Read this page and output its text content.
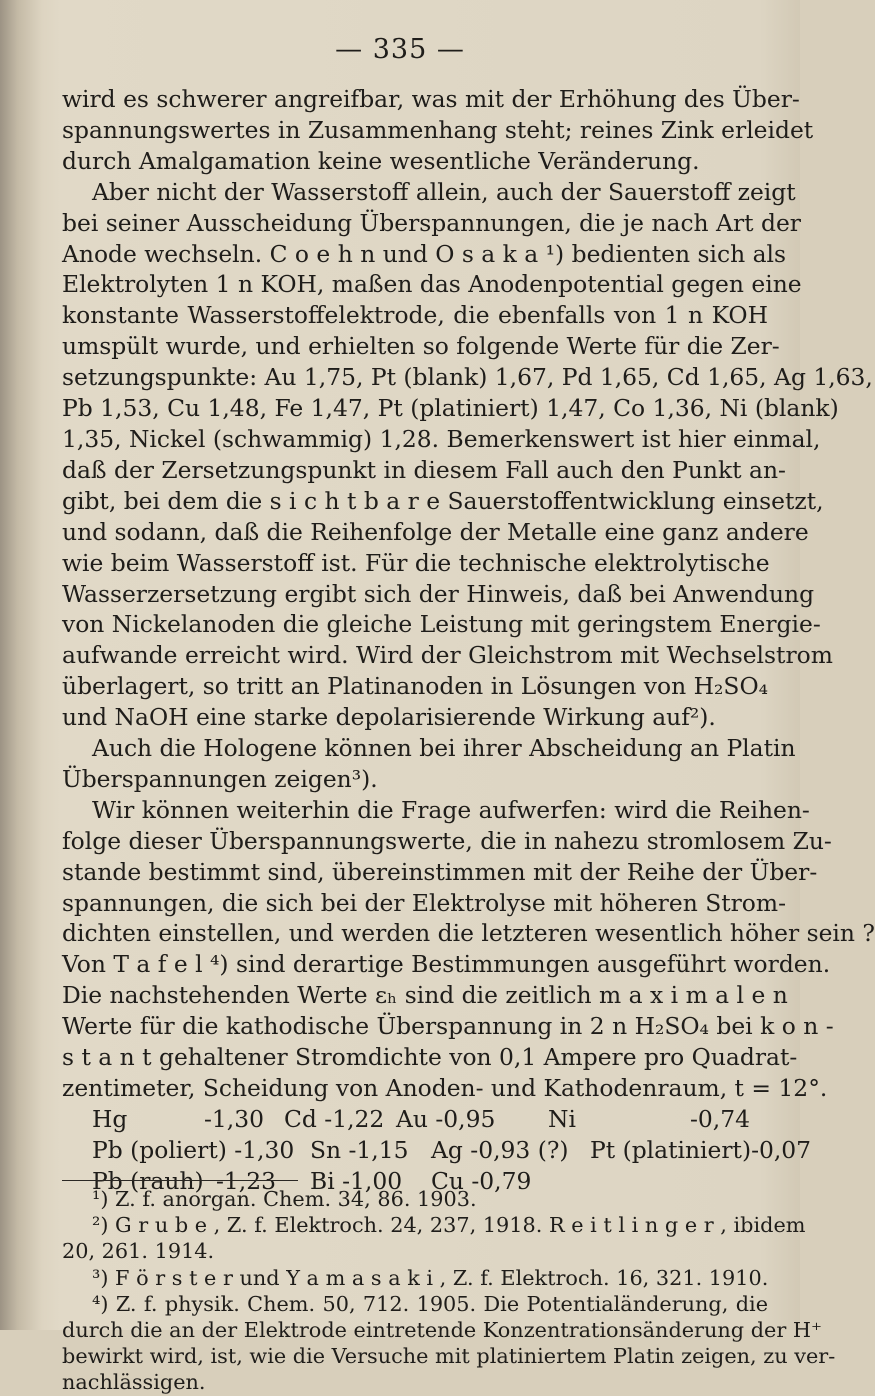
— 335 —
wird es schwerer angreifbar, was mit der Erhöhung des Über-
spannungswertes in Zusammenhang steht; reines Zink erleidet
durch Amalgamation keine wesentliche Veränderung.
Aber nicht der Wasserstoff allein, auch der Sauerstoff zeigt
bei seiner Ausscheidung Überspannungen, die je nach Art der
Anode wechseln. C o e h n und O s a k a ¹) bedienten sich als
Elektrolyten 1 n KOH, maßen das Anodenpotential gegen eine
konstante Wasserstoffelektrode, die ebenfalls von 1 n KOH
umspült wurde, und erhielten so folgende Werte für die Zer-
setzungspunkte: Au 1,75, Pt (blank) 1,67, Pd 1,65, Cd 1,65, Ag 1,63,
Pb 1,53, Cu 1,48, Fe 1,47, Pt (platiniert) 1,47, Co 1,36, Ni (blank)
1,35, Nickel (schwammig) 1,28. Bemerkenswert ist hier einmal,
daß der Zersetzungspunkt in diesem Fall auch den Punkt an-
gibt, bei dem die s i c h t b a r e Sauerstoffentwicklung einsetzt,
und sodann, daß die Reihenfolge der Metalle eine ganz andere
wie beim Wasserstoff ist. Für die technische elektrolytische
Wasserzersetzung ergibt sich der Hinweis, daß bei Anwendung
von Nickelanoden die gleiche Leistung mit geringstem Energie-
aufwande erreicht wird. Wird der Gleichstrom mit Wechselstrom
überlagert, so tritt an Platinanoden in Lösungen von H₂SO₄
und NaOH eine starke depolarisierende Wirkung auf²).
Auch die Hologene können bei ihrer Abscheidung an Platin
Überspannungen zeigen³).
Wir können weiterhin die Frage aufwerfen: wird die Reihen-
folge dieser Überspannungswerte, die in nahezu stromlosem Zu-
stande bestimmt sind, übereinstimmen mit der Reihe der Über-
spannungen, die sich bei der Elektrolyse mit höheren Strom-
dichten einstellen, und werden die letzteren wesentlich höher sein ?
Von T a f e l ⁴) sind derartige Bestimmungen ausgeführt worden.
Die nachstehenden Werte εₕ sind die zeitlich m a x i m a l e n
Werte für die kathodische Überspannung in 2 n H₂SO₄ bei k o n -
s t a n t gehaltener Stromdichte von 0,1 Ampere pro Quadrat-
zentimeter, Scheidung von Anoden- und Kathodenraum, t = 12°.
Hg	-1,30 Cd -1,22 Au -0,95 Ni	-0,74
Pb (poliert) -1,30 Sn -1,15 Ag -0,93 (?) Pt (platiniert)-0,07
Pb (rauh) -1,23 Bi -1,00 Cu -0,79
¹) Z. f. anorgan. Chem. 34, 86. 1903.
²) G r u b e , Z. f. Elektroch. 24, 237, 1918. R e i t l i n g e r , ibidem
20, 261. 1914.
³) F ö r s t e r und Y a m a s a k i , Z. f. Elektroch. 16, 321. 1910.
⁴) Z. f. physik. Chem. 50, 712. 1905. Die Potentialänderung, die
durch die an der Elektrode eintretende Konzentrationsänderung der H⁺
bewirkt wird, ist, wie die Versuche mit platiniertem Platin zeigen, zu ver-
nachlässigen.
